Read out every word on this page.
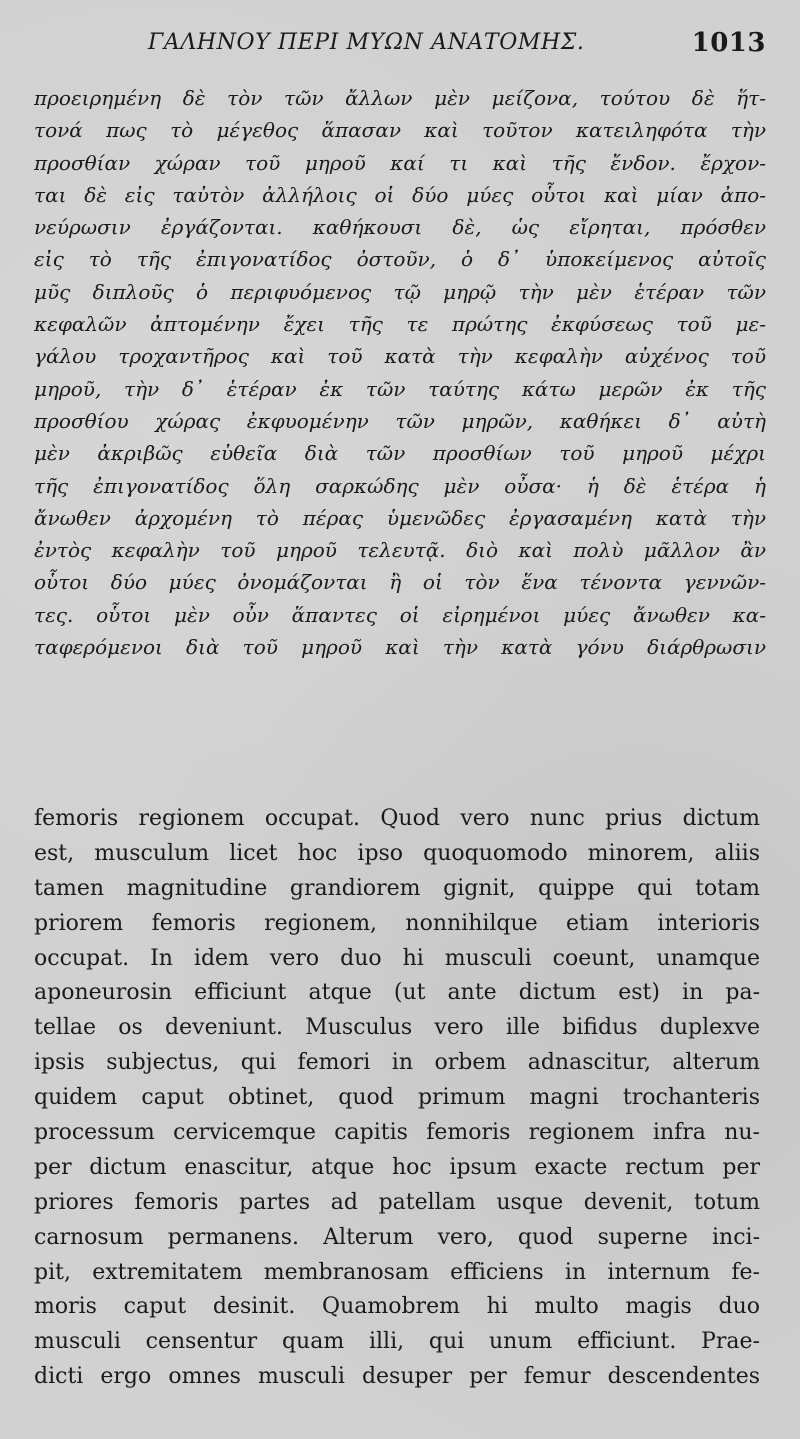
ΓΑΛΗΝΟΥ ΠΕΡΙ ΜΥΩΝ ΑΝΑΤΟΜΗΣ.	1013
προειρημένη δὲ τὸν τῶν ἄλλων μὲν μείζονα, τούτου δὲ ἥτ-
τονά πως τὸ μέγεθος ἅπασαν καὶ τοῦτον κατειληφότα τὴν
προσθίαν χώραν τοῦ μηροῦ καί τι καὶ τῆς ἔνδον. ἔρχον-
ται δὲ εἰς ταὐτὸν ἀλλήλοις οἱ δύο μύες οὗτοι καὶ μίαν ἀπο-
νεύρωσιν ἐργάζονται. καθήκουσι δὲ, ὡς εἴρηται, πρόσθεν
εἰς τὸ τῆς ἐπιγονατίδος ὀστοῦν, ὁ δ᾽ ὑποκείμενος αὐτοῖς
μῦς διπλοῦς ὁ περιφυόμενος τῷ μηρῷ τὴν μὲν ἑτέραν τῶν
κεφαλῶν ἀπτομένην ἔχει τῆς τε πρώτης ἐκφύσεως τοῦ με-
γάλου τροχαντῆρος καὶ τοῦ κατὰ τὴν κεφαλὴν αὐχένος τοῦ
μηροῦ, τὴν δ᾽ ἑτέραν ἐκ τῶν ταύτης κάτω μερῶν ἐκ τῆς
προσθίου χώρας ἐκφυομένην τῶν μηρῶν, καθήκει δ᾽ αὐτὴ
μὲν ἀκριβῶς εὐθεῖα διὰ τῶν προσθίων τοῦ μηροῦ μέχρι
τῆς ἐπιγονατίδος ὅλη σαρκώδης μὲν οὖσα· ἡ δὲ ἑτέρα ἡ
ἄνωθεν ἀρχομένη τὸ πέρας ὑμενῶδες ἐργασαμένη κατὰ τὴν
ἐντὸς κεφαλὴν τοῦ μηροῦ τελευτᾷ. διὸ καὶ πολὺ μᾶλλον ἂν
οὗτοι δύο μύες ὀνομάζονται ἢ οἱ τὸν ἕνα τένοντα γεννῶν-
τες. οὗτοι μὲν οὖν ἅπαντες οἱ εἰρημένοι μύες ἄνωθεν κα-
ταφερόμενοι διὰ τοῦ μηροῦ καὶ τὴν κατὰ γόνυ διάρθρωσιν
femoris regionem occupat. Quod vero nunc prius dictum
est, musculum licet hoc ipso quoquomodo minorem, aliis
tamen magnitudine grandiorem gignit, quippe qui totam
priorem femoris regionem, nonnihilque etiam interioris
occupat. In idem vero duo hi musculi coeunt, unamque
aponeurosin efficiunt atque (ut ante dictum est) in pa-
tellae os deveniunt. Musculus vero ille bifidus duplexve
ipsis subjectus, qui femori in orbem adnascitur, alterum
quidem caput obtinet, quod primum magni trochanteris
processum cervicemque capitis femoris regionem infra nu-
per dictum enascitur, atque hoc ipsum exacte rectum per
priores femoris partes ad patellam usque devenit, totum
carnosum permanens. Alterum vero, quod superne inci-
pit, extremitatem membranosam efficiens in internum fe-
moris caput desinit. Quamobrem hi multo magis duo
musculi censentur quam illi, qui unum efficiunt. Prae-
dicti ergo omnes musculi desuper per femur descendentes
